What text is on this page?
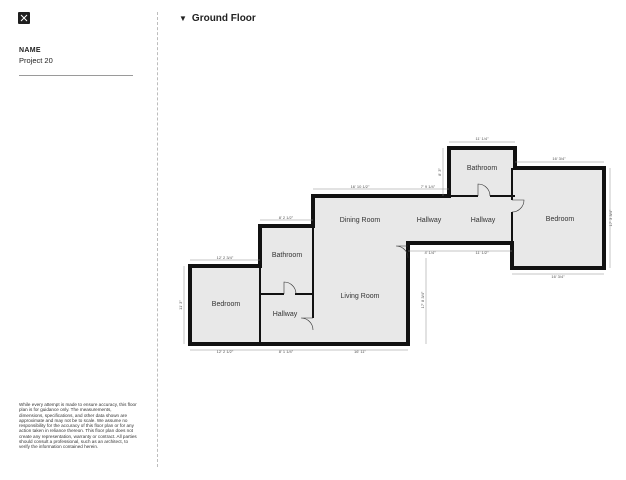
NAME
Project 20
While every attempt is made to ensure accuracy, this floor plan is for guidance only. The measurements, dimensions, specifications, and other data shown are approximate and may not be to scale. We assume no responsibility for the accuracy of this floor plan or for any action taken in reliance thereon. This floor plan does not create any representation, warranty or contract. All parties should consult a professional, such as an architect, to verify the information contained herein.
▼ Ground Floor
11' 1/4"
8' 3"
16' 3/4"
17' 3 3/4"
16' 3/4"
16' 10 1/2"	7' 9 1/4"
4' 1/4"	11' 1/2"
8' 2 1/2"
12' 2 3/4"
11' 3"
12' 2 1/2"	8' 1 1/4"	16' 11"
17' 8 3/4"
Bathroom
Bedroom
Dining Room	Hallway	Hallway
Bathroom
Living Room
Bedroom
Hallway
